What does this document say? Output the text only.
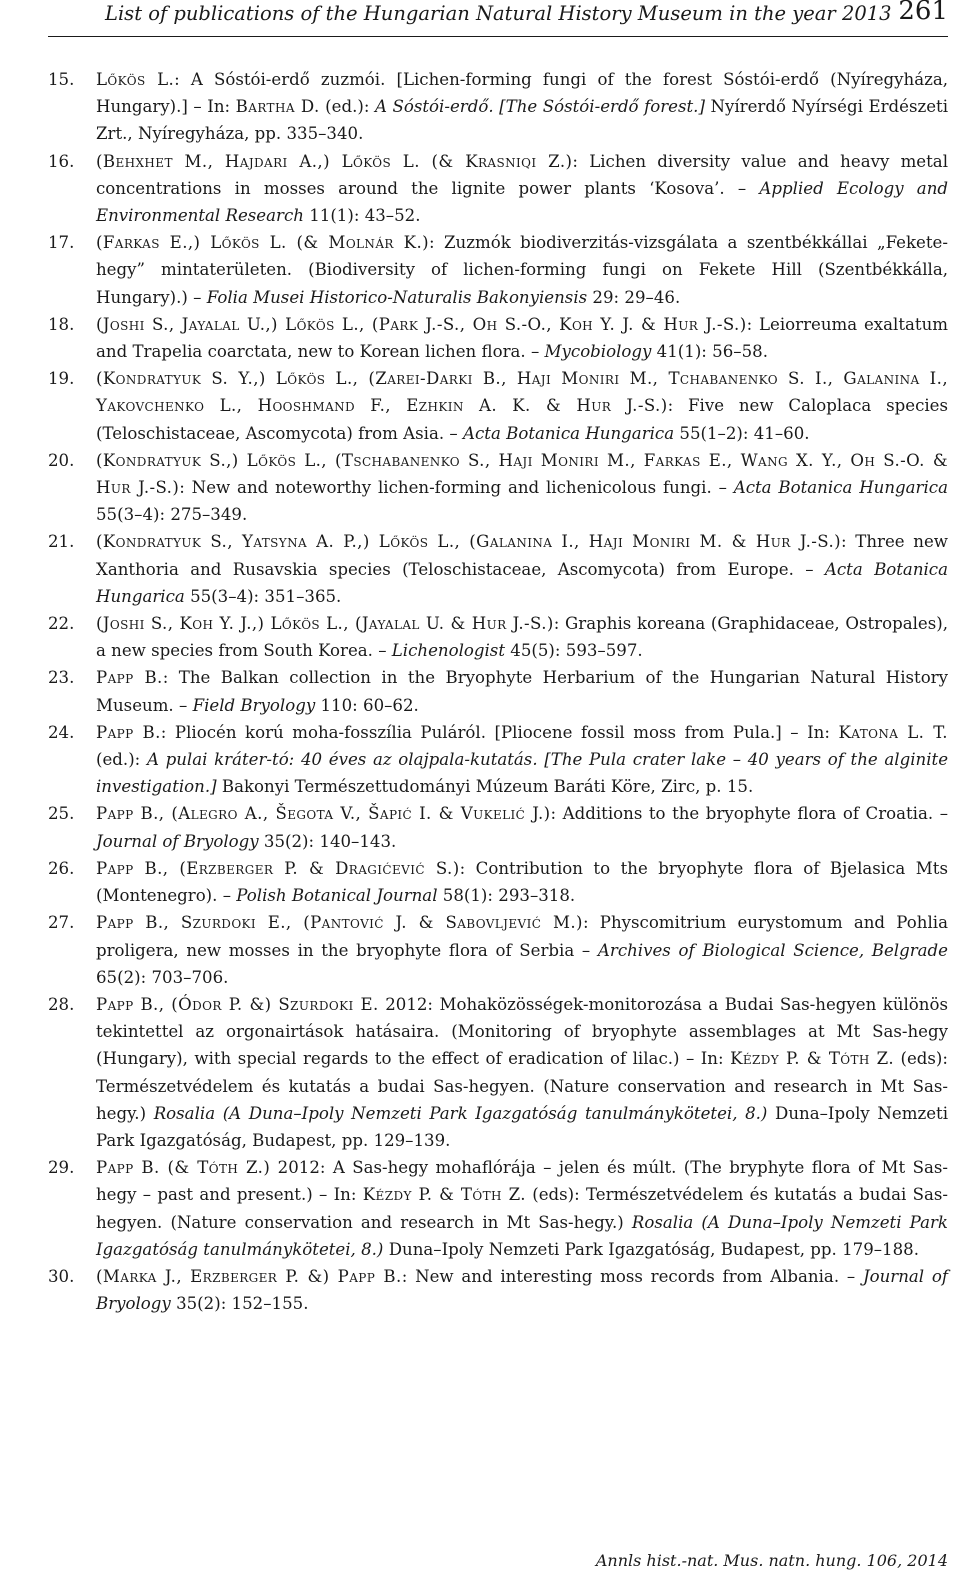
List of publications of the Hungarian Natural History Museum in the year 2013 261
15.	Lőkös L.: A Sóstói-erdő zuzmói. [Lichen-forming fungi of the forest Sóstói-erdő (Nyíregyháza, Hungary).] – In: Bartha D. (ed.): A Sóstói-erdő. [The Sóstói-erdő forest.] Nyírerdő Nyírségi Erdészeti Zrt., Nyíregyháza, pp. 335–340.
16.	(Behxhet M., Hajdari A.,) Lőkös L. (& Krasniqi Z.): Lichen diversity value and heavy metal concentrations in mosses around the lignite power plants ‘Kosova’. – Applied Ecology and Environmental Research 11(1): 43–52.
17.	(Farkas E.,) Lőkös L. (& Molnár K.): Zuzmók biodiverzitás-vizsgálata a szentbékkállai „Fekete-hegy” mintaterületen. (Biodiversity of lichen-forming fungi on Fekete Hill (Szentbékkálla, Hungary).) – Folia Musei Historico-Naturalis Bakonyiensis 29: 29–46.
18.	(Joshi S., Jayalal U.,) Lőkös L., (Park J.-S., Oh S.-O., Koh Y. J. & Hur J.-S.): Leiorreuma exaltatum and Trapelia coarctata, new to Korean lichen flora. – Mycobiology 41(1): 56–58.
19.	(Kondratyuk S. Y.,) Lőkös L., (Zarei-Darki B., Haji Moniri M., Tchabanenko S. I., Galanina I., Yakovchenko L., Hooshmand F., Ezhkin A. K. & Hur J.-S.): Five new Caloplaca species (Teloschistaceae, Ascomycota) from Asia. – Acta Botanica Hungarica 55(1–2): 41–60.
20.	(Kondratyuk S.,) Lőkös L., (Tschabanenko S., Haji Moniri M., Farkas E., Wang X. Y., Oh S.-O. & Hur J.-S.): New and noteworthy lichen-forming and lichenicolous fungi. – Acta Botanica Hungarica 55(3–4): 275–349.
21.	(Kondratyuk S., Yatsyna A. P.,) Lőkös L., (Galanina I., Haji Moniri M. & Hur J.-S.): Three new Xanthoria and Rusavskia species (Teloschistaceae, Ascomycota) from Europe. – Acta Botanica Hungarica 55(3–4): 351–365.
22.	(Joshi S., Koh Y. J.,) Lőkös L., (Jayalal U. & Hur J.-S.): Graphis koreana (Graphidaceae, Ostropales), a new species from South Korea. – Lichenologist 45(5): 593–597.
23.	Papp B.: The Balkan collection in the Bryophyte Herbarium of the Hungarian Natural History Museum. – Field Bryology 110: 60–62.
24.	Papp B.: Pliocén korú moha-fosszília Puláról. [Pliocene fossil moss from Pula.] – In: Katona L. T. (ed.): A pulai kráter-tó: 40 éves az olajpala-kutatás. [The Pula crater lake – 40 years of the alginite investigation.] Bakonyi Természettudományi Múzeum Baráti Köre, Zirc, p. 15.
25.	Papp B., (Alegro A., Šegota V., Šapić I. & Vukelić J.): Additions to the bryophyte flora of Croatia. – Journal of Bryology 35(2): 140–143.
26.	Papp B., (Erzberger P. & Dragićević S.): Contribution to the bryophyte flora of Bjelasica Mts (Montenegro). – Polish Botanical Journal 58(1): 293–318.
27.	Papp B., Szurdoki E., (Pantović J. & Sabovljević M.): Physcomitrium eurystomum and Pohlia proligera, new mosses in the bryophyte flora of Serbia – Archives of Biological Science, Belgrade 65(2): 703–706.
28.	Papp B., (Ódor P. &) Szurdoki E. 2012: Mohaközösségek-monitorozása a Budai Sas-hegyen különös tekintettel az orgonairtások hatásaira. (Monitoring of bryophyte assemblages at Mt Sas-hegy (Hungary), with special regards to the effect of eradication of lilac.) – In: Kézdy P. & Tóth Z. (eds): Természetvédelem és kutatás a budai Sas-hegyen. (Nature conservation and research in Mt Sas-hegy.) Rosalia (A Duna–Ipoly Nemzeti Park Igazgatóság tanulmánykötetei, 8.) Duna–Ipoly Nemzeti Park Igazgatóság, Budapest, pp. 129–139.
29.	Papp B. (& Tóth Z.) 2012: A Sas-hegy mohaflórája – jelen és múlt. (The bryphyte flora of Mt Sas-hegy – past and present.) – In: Kézdy P. & Tóth Z. (eds): Természetvédelem és kutatás a budai Sas-hegyen. (Nature conservation and research in Mt Sas-hegy.) Rosalia (A Duna–Ipoly Nemzeti Park Igazgatóság tanulmánykötetei, 8.) Duna–Ipoly Nemzeti Park Igazgatóság, Budapest, pp. 179–188.
30.	(Marka J., Erzberger P. &) Papp B.: New and interesting moss records from Albania. – Journal of Bryology 35(2): 152–155.
Annls hist.-nat. Mus. natn. hung. 106, 2014
